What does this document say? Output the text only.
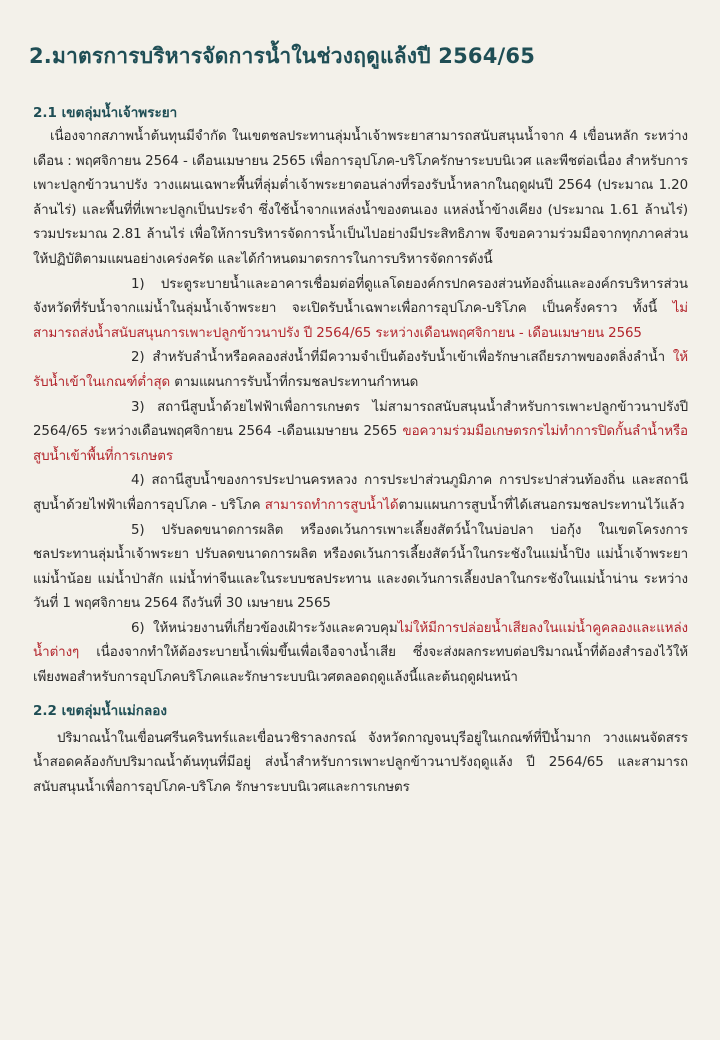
2.มาตรการบริหารจัดการน้ำในช่วงฤดูแล้งปี 2564/65
2.1 เขตลุ่มน้ำเจ้าพระยา

เนื่องจากสภาพน้ำต้นทุนมีจำกัด ในเขตชลประทานลุ่มน้ำเจ้าพระยาสามารถสนับสนุนน้ำจาก 4 เขื่อนหลัก ระหว่างเดือน : พฤศจิกายน 2564 - เดือนเมษายน 2565 เพื่อการอุปโภค-บริโภครักษาระบบนิเวศ และพืชต่อเนื่อง สำหรับการเพาะปลูกข้าวนาปรัง วางแผนเฉพาะพื้นที่ลุ่มต่ำเจ้าพระยาตอนล่างที่รองรับน้ำหลากในฤดูฝนปี 2564 (ประมาณ 1.20 ล้านไร่) และพื้นที่ที่เพาะปลูกเป็นประจำ ซึ่งใช้น้ำจากแหล่งน้ำของตนเอง แหล่งน้ำข้างเคียง (ประมาณ 1.61 ล้านไร่) รวมประมาณ 2.81 ล้านไร่ เพื่อให้การบริหารจัดการน้ำเป็นไปอย่างมีประสิทธิภาพ จึงขอความร่วมมือจากทุกภาคส่วน ให้ปฏิบัติตามแผนอย่างเคร่งครัด และได้กำหนดมาตรการในการบริหารจัดการดังนี้

1) ประตูระบายน้ำและอาคารเชื่อมต่อที่ดูแลโดยองค์กรปกครองส่วนท้องถิ่นและองค์กรบริหารส่วนจังหวัดที่รับน้ำจากแม่น้ำในลุ่มน้ำเจ้าพระยา จะเปิดรับน้ำเฉพาะเพื่อการอุปโภค-บริโภค เป็นครั้งคราว ทั้งนี้ ไม่สามารถส่งน้ำสนับสนุนการเพาะปลูกข้าวนาปรัง ปี 2564/65 ระหว่างเดือนพฤศจิกายน - เดือนเมษายน 2565

2) สำหรับลำน้ำหรือคลองส่งน้ำที่มีความจำเป็นต้องรับน้ำเข้าเพื่อรักษาเสถียรภาพของตลิ่งลำน้ำ ให้รับน้ำเข้าในเกณฑ์ต่ำสุด ตามแผนการรับน้ำที่กรมชลประทานกำหนด

3) สถานีสูบน้ำด้วยไฟฟ้าเพื่อการเกษตร ไม่สามารถสนับสนุนน้ำสำหรับการเพาะปลูกข้าวนาปรังปี 2564/65 ระหว่างเดือนพฤศจิกายน 2564 -เดือนเมษายน 2565 ขอความร่วมมือเกษตรกรไม่ทำการปิดกั้นลำน้ำหรือสูบน้ำเข้าพื้นที่การเกษตร

4) สถานีสูบน้ำของการประปานครหลวง การประปาส่วนภูมิภาค การประปาส่วนท้องถิ่น และสถานีสูบน้ำด้วยไฟฟ้าเพื่อการอุปโภค - บริโภค สามารถทำการสูบน้ำได้ตามแผนการสูบน้ำที่ได้เสนอกรมชลประทานไว้แล้ว

5) ปรับลดขนาดการผลิต หรืองดเว้นการเพาะเลี้ยงสัตว์น้ำในบ่อปลา บ่อกุ้ง ในเขตโครงการชลประทานลุ่มน้ำเจ้าพระยา ปรับลดขนาดการผลิต หรืองดเว้นการเลี้ยงสัตว์น้ำในกระชังในแม่น้ำปิง แม่น้ำเจ้าพระยา แม่น้ำน้อย แม่น้ำป่าสัก แม่น้ำท่าจีนและในระบบชลประทาน และงดเว้นการเลี้ยงปลาในกระชังในแม่น้ำน่าน ระหว่างวันที่ 1 พฤศจิกายน 2564 ถึงวันที่ 30 เมษายน 2565

6) ให้หน่วยงานที่เกี่ยวข้องเฝ้าระวังและควบคุมไม่ให้มีการปล่อยน้ำเสียลงในแม่น้ำคูคลองและแหล่งน้ำต่างๆ เนื่องจากทำให้ต้องระบายน้ำเพิ่มขึ้นเพื่อเจือจางน้ำเสีย ซึ่งจะส่งผลกระทบต่อปริมาณน้ำที่ต้องสำรองไว้ให้เพียงพอสำหรับการอุปโภคบริโภคและรักษาระบบนิเวศตลอดฤดูแล้งนี้และต้นฤดูฝนหน้า

2.2 เขตลุ่มน้ำแม่กลอง

ปริมาณน้ำในเขื่อนศรีนครินทร์และเขื่อนวชิราลงกรณ์ จังหวัดกาญจนบุรีอยู่ในเกณฑ์ที่ปีน้ำมาก วางแผนจัดสรรน้ำสอดคล้องกับปริมาณน้ำต้นทุนที่มีอยู่ ส่งน้ำสำหรับการเพาะปลูกข้าวนาปรังฤดูแล้ง ปี 2564/65 และสามารถสนับสนุนน้ำเพื่อการอุปโภค-บริโภค รักษาระบบนิเวศและการเกษตร
